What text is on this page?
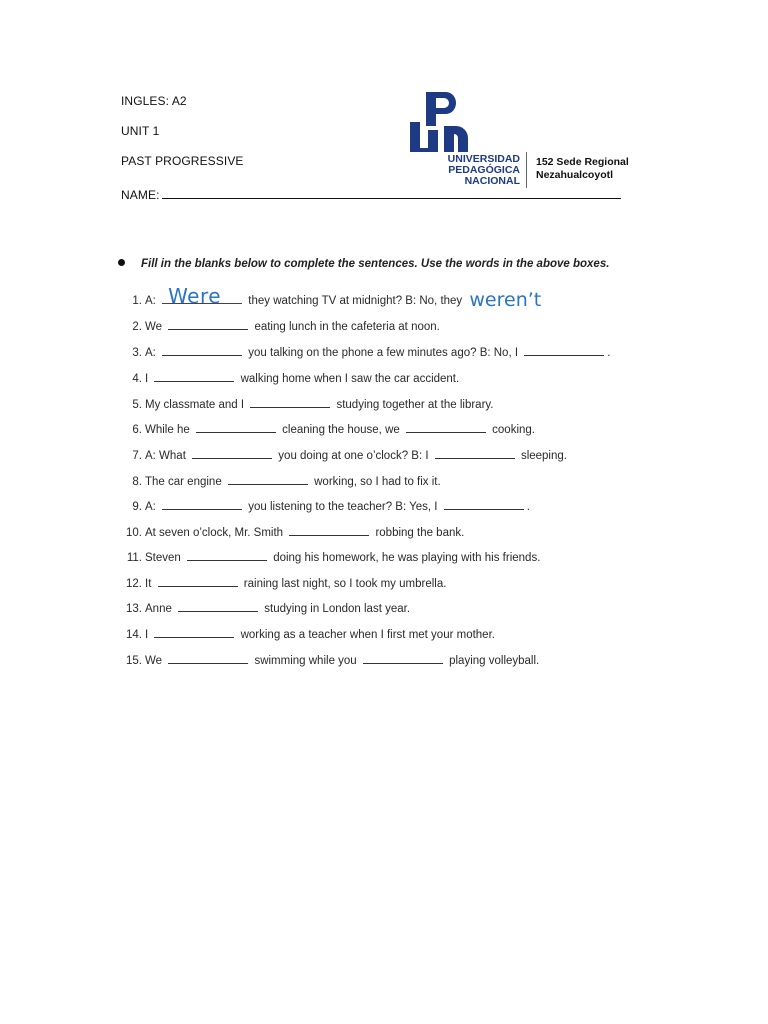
INGLES: A2
UNIT 1
PAST PROGRESSIVE
NAME:
UNIVERSIDAD
PEDAGÓGICA
NACIONAL
152 Sede Regional
Nezahualcoyotl
Fill in the blanks below to complete the sentences. Use the words in the above boxes.
1. A: Were they watching TV at midnight? B: No, they weren’t
2. We	eating lunch in the cafeteria at noon.
3. A:	you talking on the phone a few minutes ago? B: No, I	.
4. I	walking home when I saw the car accident.
5. My classmate and I	studying together at the library.
6. While he	cleaning the house, we	cooking.
7. A: What	you doing at one o’clock? B: I	sleeping.
8. The car engine	working, so I had to fix it.
9. A:	you listening to the teacher? B: Yes, I	.
10. At seven o’clock, Mr. Smith	robbing the bank.
11. Steven	doing his homework, he was playing with his friends.
12. It	raining last night, so I took my umbrella.
13. Anne	studying in London last year.
14. I	working as a teacher when I first met your mother.
15. We	swimming while you	playing volleyball.
